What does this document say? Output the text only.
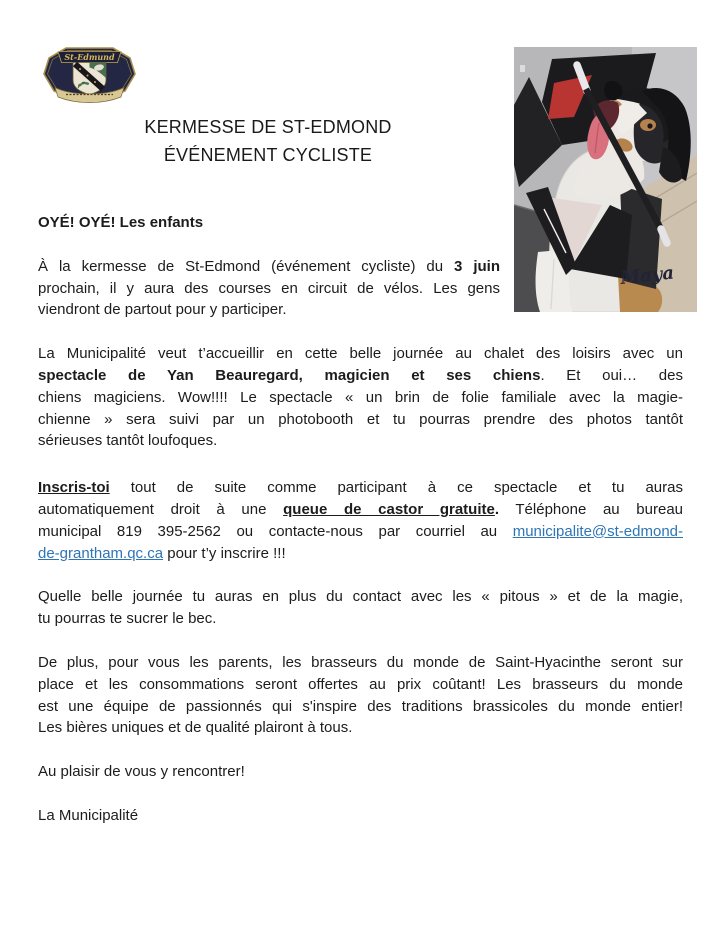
St-Edmund
Maya
KERMESSE DE ST-EDMOND
ÉVÉNEMENT CYCLISTE
OYÉ! OYÉ! Les enfants
À la kermesse de St-Edmond (événement cycliste) du 3 juin
prochain, il y aura des courses en circuit de vélos. Les gens
viendront de partout pour y participer.
La Municipalité veut t’accueillir en cette belle journée au chalet des loisirs avec un
spectacle de Yan Beauregard, magicien et ses chiens. Et oui… des
chiens magiciens. Wow!!!! Le spectacle « un brin de folie familiale avec la magie-
chienne » sera suivi par un photobooth et tu pourras prendre des photos tantôt
sérieuses tantôt loufoques.
Inscris-toi tout de suite comme participant à ce spectacle et tu auras
automatiquement droit à une queue de castor gratuite. Téléphone au bureau
municipal 819 395-2562 ou contacte-nous par courriel au municipalite@st-edmond-
de-grantham.qc.ca pour t’y inscrire !!!
Quelle belle journée tu auras en plus du contact avec les « pitous » et de la magie,
tu pourras te sucrer le bec.
De plus, pour vous les parents, les brasseurs du monde de Saint-Hyacinthe seront sur
place et les consommations seront offertes au prix coûtant! Les brasseurs du monde
est une équipe de passionnés qui s'inspire des traditions brassicoles du monde entier!
Les bières uniques et de qualité plairont à tous.
Au plaisir de vous y rencontrer!
La Municipalité
